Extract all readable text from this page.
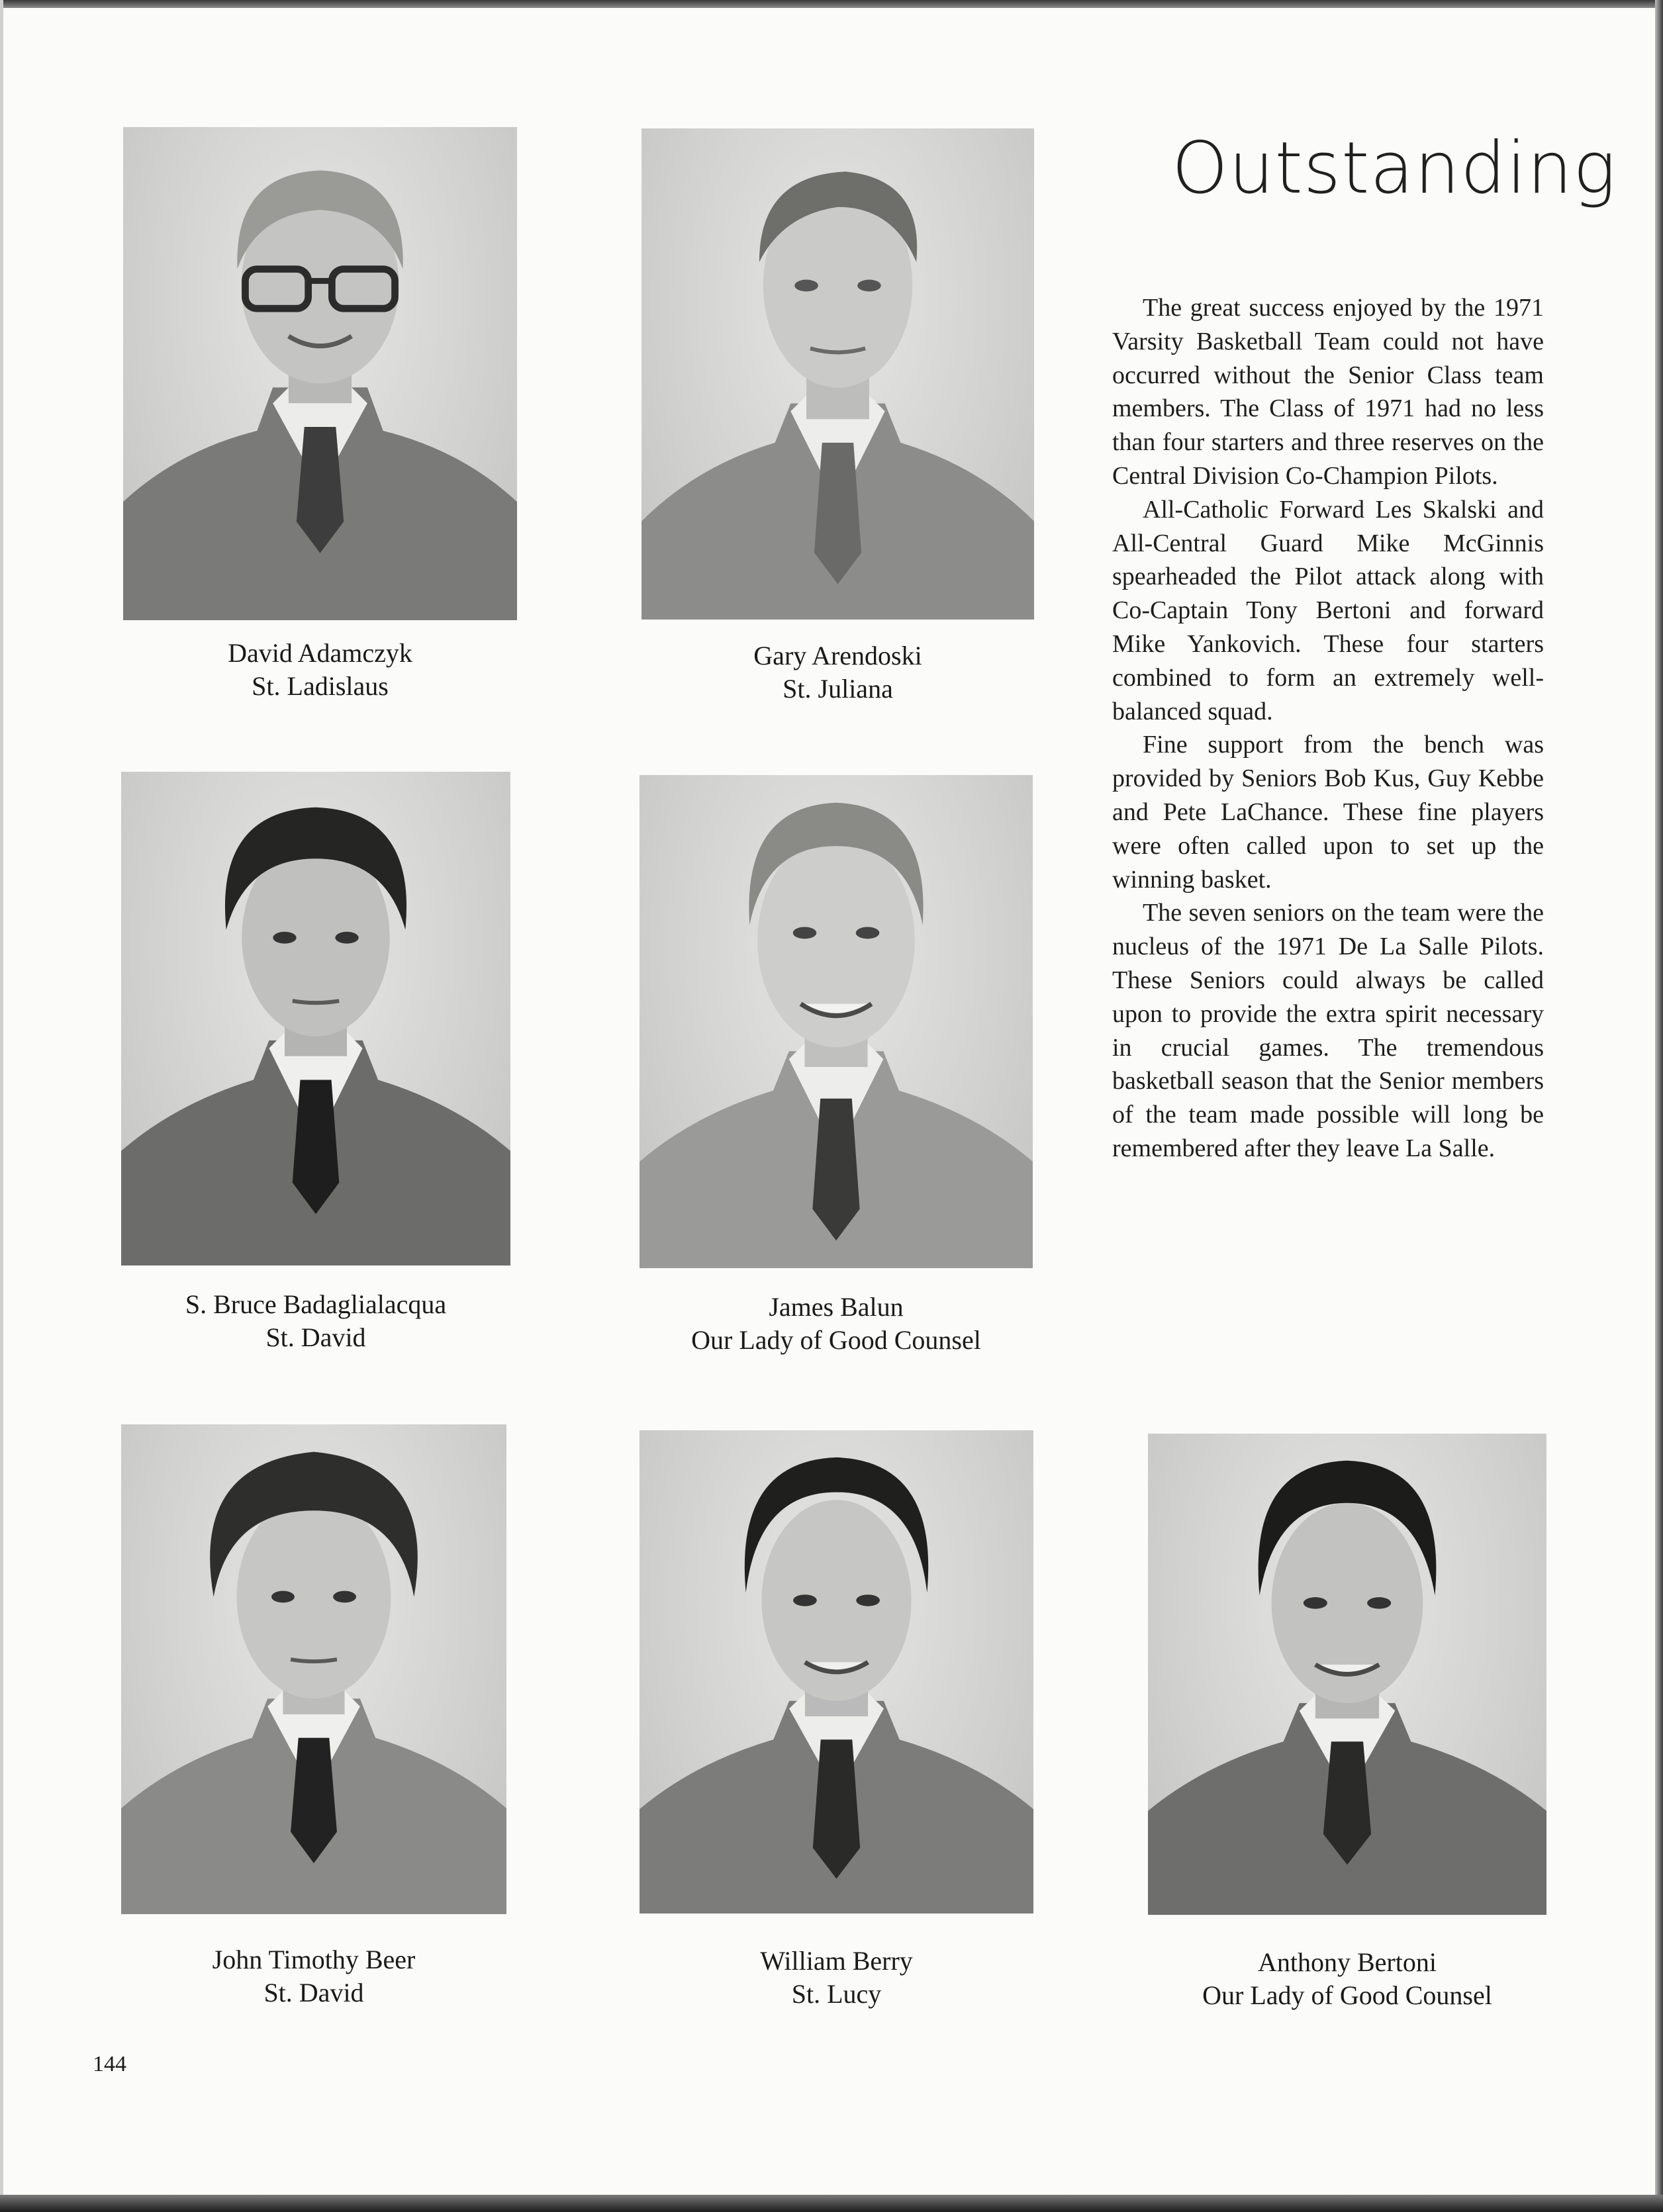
David Adamczyk
St. Ladislaus
Gary Arendoski
St. Juliana
S. Bruce Badaglialacqua
St. David
James Balun
Our Lady of Good Counsel
John Timothy Beer
St. David
William Berry
St. Lucy
Anthony Bertoni
Our Lady of Good Counsel
Outstanding

The great success enjoyed by the 1971 Varsity Basketball Team could not have occurred without the Senior Class team members. The Class of 1971 had no less than four starters and three reserves on the Central Division Co-Champion Pilots.

All-Catholic Forward Les Skalski and All-Central Guard Mike McGinnis spearheaded the Pilot attack along with Co-Captain Tony Bertoni and forward Mike Yankovich. These four starters combined to form an extremely well-balanced squad.

Fine support from the bench was provided by Seniors Bob Kus, Guy Kebbe and Pete LaChance. These fine players were often called upon to set up the winning basket.

The seven seniors on the team were the nucleus of the 1971 De La Salle Pilots. These Seniors could always be called upon to provide the extra spirit necessary in crucial games. The tremendous basketball season that the Senior members of the team made possible will long be remembered after they leave La Salle.

144
